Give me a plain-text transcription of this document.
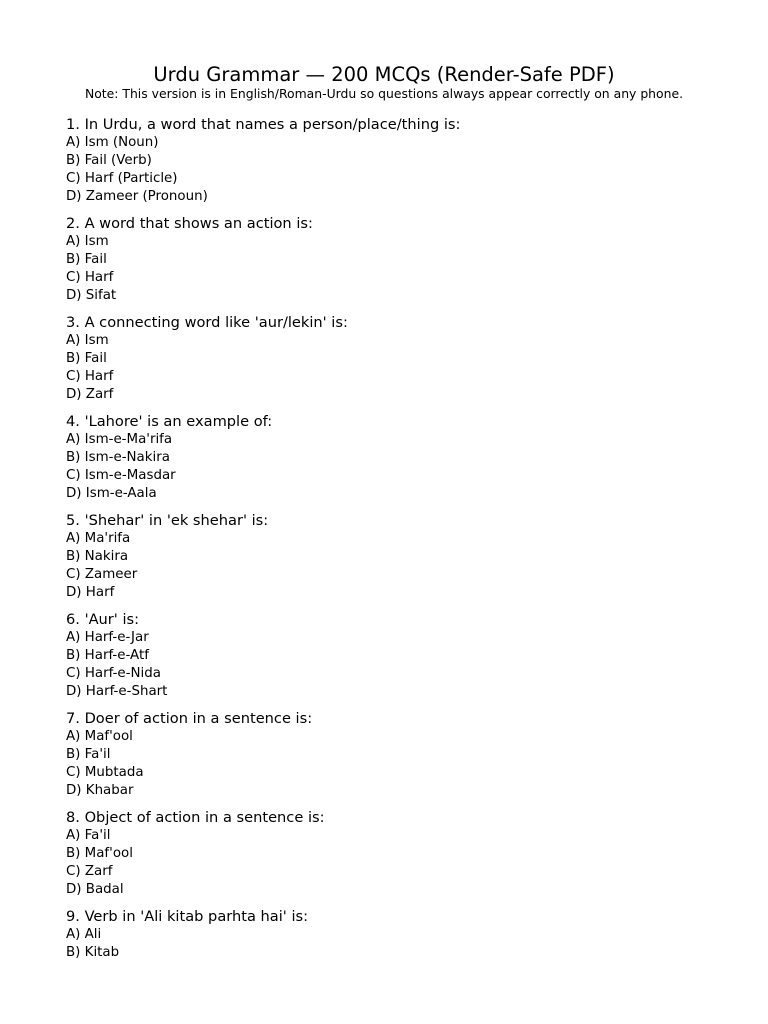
Urdu Grammar — 200 MCQs (Render-Safe PDF)
Note: This version is in English/Roman-Urdu so questions always appear correctly on any phone.
1. In Urdu, a word that names a person/place/thing is:
A) Ism (Noun)
B) Fail (Verb)
C) Harf (Particle)
D) Zameer (Pronoun)
2. A word that shows an action is:
A) Ism
B) Fail
C) Harf
D) Sifat
3. A connecting word like 'aur/lekin' is:
A) Ism
B) Fail
C) Harf
D) Zarf
4. 'Lahore' is an example of:
A) Ism-e-Ma'rifa
B) Ism-e-Nakira
C) Ism-e-Masdar
D) Ism-e-Aala
5. 'Shehar' in 'ek shehar' is:
A) Ma'rifa
B) Nakira
C) Zameer
D) Harf
6. 'Aur' is:
A) Harf-e-Jar
B) Harf-e-Atf
C) Harf-e-Nida
D) Harf-e-Shart
7. Doer of action in a sentence is:
A) Maf'ool
B) Fa'il
C) Mubtada
D) Khabar
8. Object of action in a sentence is:
A) Fa'il
B) Maf'ool
C) Zarf
D) Badal
9. Verb in 'Ali kitab parhta hai' is:
A) Ali
B) Kitab
